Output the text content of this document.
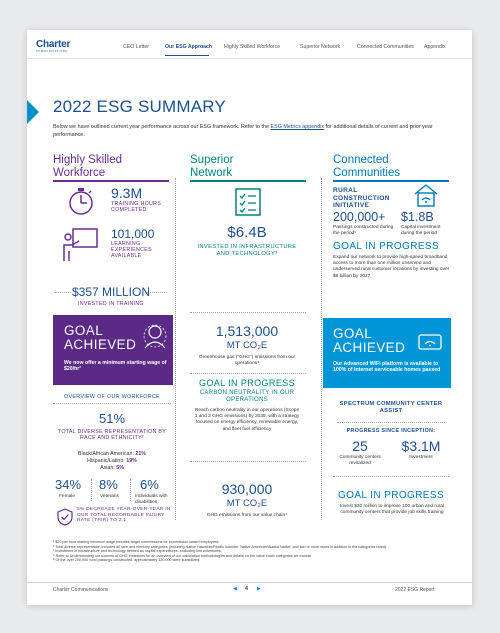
Charter
COMMUNICATIONS
CEO Letter	Our ESG Approach Highly Skilled Workforce	Superior Network	Connected Communities Appendix
2022 ESG SUMMARY
Below we have outlined current year performance across our ESG framework. Refer to the ESG Metrics appendix for additional details of current and prior year performance.
Highly Skilled
Workforce
9.3M
TRAINING HOURS COMPLETED
101,000
LEARNING EXPERIENCES AVAILABLE
$357 MILLION
INVESTED IN TRAINING
GOAL
ACHIEVED
We now offer a minimum starting wage of $20/hr¹
OVERVIEW OF OUR WORKFORCE
51%
TOTAL DIVERSE REPRESENTATION BY RACE AND ETHNICITY²
Black/African American: 21%
Hispanic/Latino: 19%
Asian: 5%
34%
Female
8%
Veterans
6%
Individuals with disabilities
5% DECREASE YEAR-OVER-YEAR IN OUR TOTAL RECORDABLE INJURY RATE (TRIR) TO 2.1
Superior
Network
$6.4B
INVESTED IN INFRASTRUCTURE AND TECHNOLOGY³
1,513,000
MT CO₂E
Greenhouse gas ("GHG") emissions from our operations⁴
GOAL IN PROGRESS
CARBON NEUTRALITY IN OUR OPERATIONS
Reach carbon neutrality in our operations (Scope 1 and 2 GHG emissions) by 2035, with a strategy focused on energy efficiency, renewable energy, and fleet fuel efficiency
930,000
MT CO₂E
GHG emissions from our value chain⁴
Connected
Communities
RURAL CONSTRUCTION INITIATIVE
200,000+
Passings constructed during the period⁵
$1.8B
Capital investment during the period
GOAL IN PROGRESS
Expand our network to provide high-speed broadband access to more than one million unserved and underserved rural customer locations by investing over $6 billion by 2027
GOAL
ACHIEVED
Our Advanced WiFi platform is available to 100% of Internet serviceable homes passed
SPECTRUM COMMUNITY CENTER ASSIST
PROGRESS SINCE INCEPTION:
25
Community centers revitalized
$3.1M
Investment
GOAL IN PROGRESS
Invest $30 million to improve 100 urban and rural community centers that provide job skills training
¹ $20 per hour starting minimum wage includes target commissions for commission-based employees.
² Total diverse representation includes all race and ethnicity categories (including Native Hawaiian/Pacific Islander, Native American/Alaska Native, and two or more races in addition to the categories listed).
³ Investment in infrastructure and technology defined as capital expenditures, excluding line extensions.
⁴ Refer to Understanding our sources of GHG emissions for an overview of our calculation methodologies and details on the value chain categories we include.
⁵ Of the over 200,000 rural passings constructed, approximately 120,000 were subsidized.
Charter Communications	◀ 4 ▶	2022 ESG Report
